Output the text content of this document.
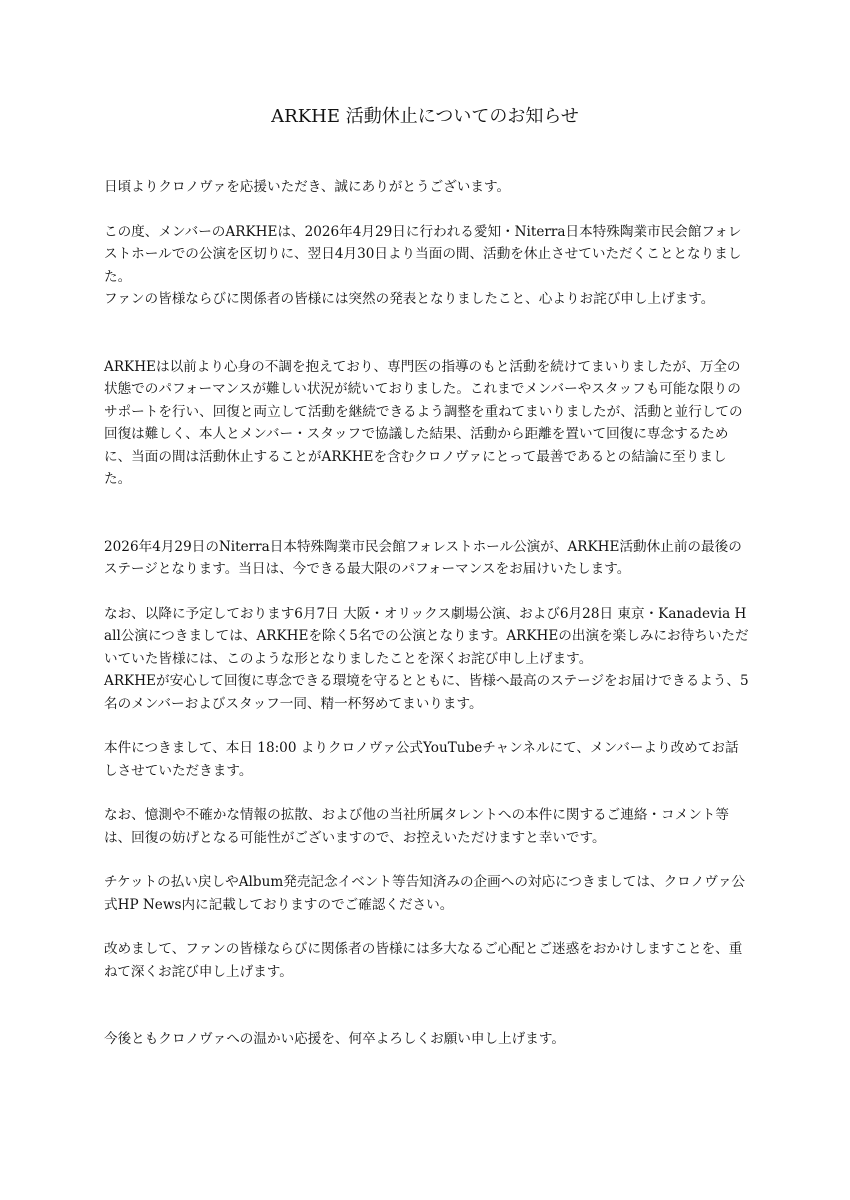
ARKHE 活動休止についてのお知らせ

日頃よりクロノヴァを応援いただき、誠にありがとうございます。

この度、メンバーのARKHEは、2026年4月29日に行われる愛知・Niterra日本特殊陶業市民会館フォレストホールでの公演を区切りに、翌日4月30日より当面の間、活動を休止させていただくこととなりました。
ファンの皆様ならびに関係者の皆様には突然の発表となりましたこと、心よりお詫び申し上げます。

ARKHEは以前より心身の不調を抱えており、専門医の指導のもと活動を続けてまいりましたが、万全の状態でのパフォーマンスが難しい状況が続いておりました。これまでメンバーやスタッフも可能な限りのサポートを行い、回復と両立して活動を継続できるよう調整を重ねてまいりましたが、活動と並行しての回復は難しく、本人とメンバー・スタッフで協議した結果、活動から距離を置いて回復に専念するために、当面の間は活動休止することがARKHEを含むクロノヴァにとって最善であるとの結論に至りました。

2026年4月29日のNiterra日本特殊陶業市民会館フォレストホール公演が、ARKHE活動休止前の最後のステージとなります。当日は、今できる最大限のパフォーマンスをお届けいたします。

なお、以降に予定しております6月7日 大阪・オリックス劇場公演、および6月28日 東京・Kanadevia Hall公演につきましては、ARKHEを除く5名での公演となります。ARKHEの出演を楽しみにお待ちいただいていた皆様には、このような形となりましたことを深くお詫び申し上げます。
ARKHEが安心して回復に専念できる環境を守るとともに、皆様へ最高のステージをお届けできるよう、5名のメンバーおよびスタッフ一同、精一杯努めてまいります。

本件につきまして、本日 18:00 よりクロノヴァ公式YouTubeチャンネルにて、メンバーより改めてお話しさせていただきます。

なお、憶測や不確かな情報の拡散、および他の当社所属タレントへの本件に関するご連絡・コメント等は、回復の妨げとなる可能性がございますので、お控えいただけますと幸いです。

チケットの払い戻しやAlbum発売記念イベント等告知済みの企画への対応につきましては、クロノヴァ公式HP News内に記載しておりますのでご確認ください。

改めまして、ファンの皆様ならびに関係者の皆様には多大なるご心配とご迷惑をおかけしますことを、重ねて深くお詫び申し上げます。

今後ともクロノヴァへの温かい応援を、何卒よろしくお願い申し上げます。
